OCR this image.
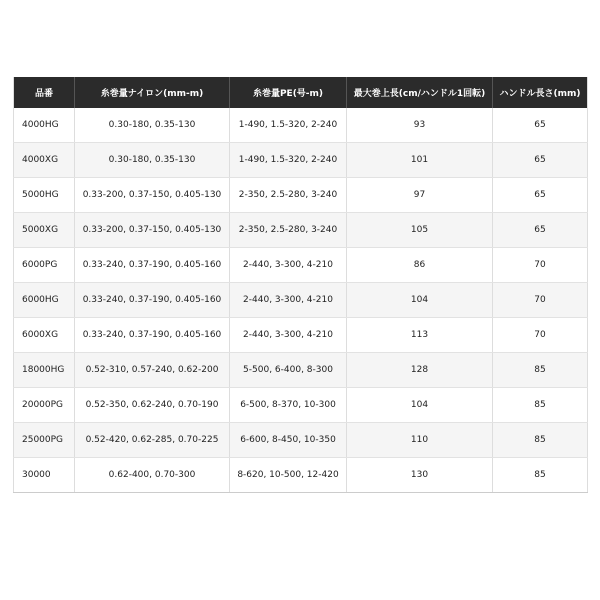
品番	糸巻量ナイロン(mm-m)	糸巻量PE(号-m)	最大巻上長(cm/ハンドル1回転)	ハンドル長さ(mm)
4000HG	0.30-180, 0.35-130	1-490, 1.5-320, 2-240	93	65
4000XG	0.30-180, 0.35-130	1-490, 1.5-320, 2-240	101	65
5000HG	0.33-200, 0.37-150, 0.405-130	2-350, 2.5-280, 3-240	97	65
5000XG	0.33-200, 0.37-150, 0.405-130	2-350, 2.5-280, 3-240	105	65
6000PG	0.33-240, 0.37-190, 0.405-160	2-440, 3-300, 4-210	86	70
6000HG	0.33-240, 0.37-190, 0.405-160	2-440, 3-300, 4-210	104	70
6000XG	0.33-240, 0.37-190, 0.405-160	2-440, 3-300, 4-210	113	70
18000HG	0.52-310, 0.57-240, 0.62-200	5-500, 6-400, 8-300	128	85
20000PG	0.52-350, 0.62-240, 0.70-190	6-500, 8-370, 10-300	104	85
25000PG	0.52-420, 0.62-285, 0.70-225	6-600, 8-450, 10-350	110	85
30000	0.62-400, 0.70-300	8-620, 10-500, 12-420	130	85
